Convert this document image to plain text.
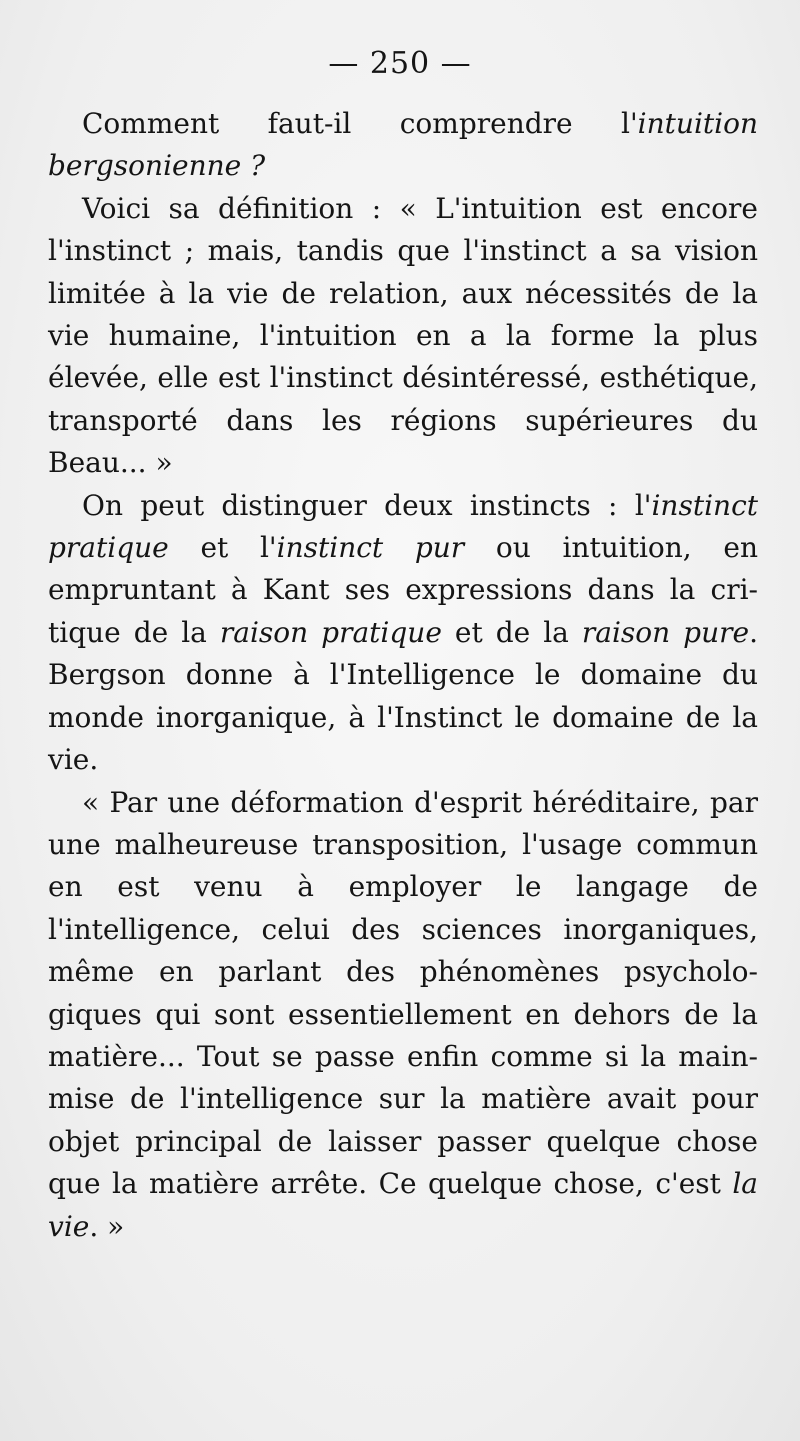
— 250 —

Comment faut-il comprendre l'intuition bergsonienne ?

Voici sa définition : « L'intuition est encore l'instinct ; mais, tandis que l'instinct a sa vision limitée à la vie de relation, aux nécessités de la vie humaine, l'intuition en a la forme la plus élevée, elle est l'instinct désintéressé, esthétique, transporté dans les régions supérieures du Beau... »

On peut distinguer deux instincts : l'instinct pratique et l'instinct pur ou intuition, en empruntant à Kant ses expressions dans la critique de la raison pratique et de la raison pure. Bergson donne à l'Intelligence le domaine du monde inorganique, à l'Instinct le domaine de la vie.

« Par une déformation d'esprit héréditaire, par une malheureuse transposition, l'usage commun en est venu à employer le langage de l'intelligence, celui des sciences inorganiques, même en parlant des phénomènes psychologiques qui sont essentiellement en dehors de la matière... Tout se passe enfin comme si la mainmise de l'intelligence sur la matière avait pour objet principal de laisser passer quelque chose que la matière arrête. Ce quelque chose, c'est la vie. »
